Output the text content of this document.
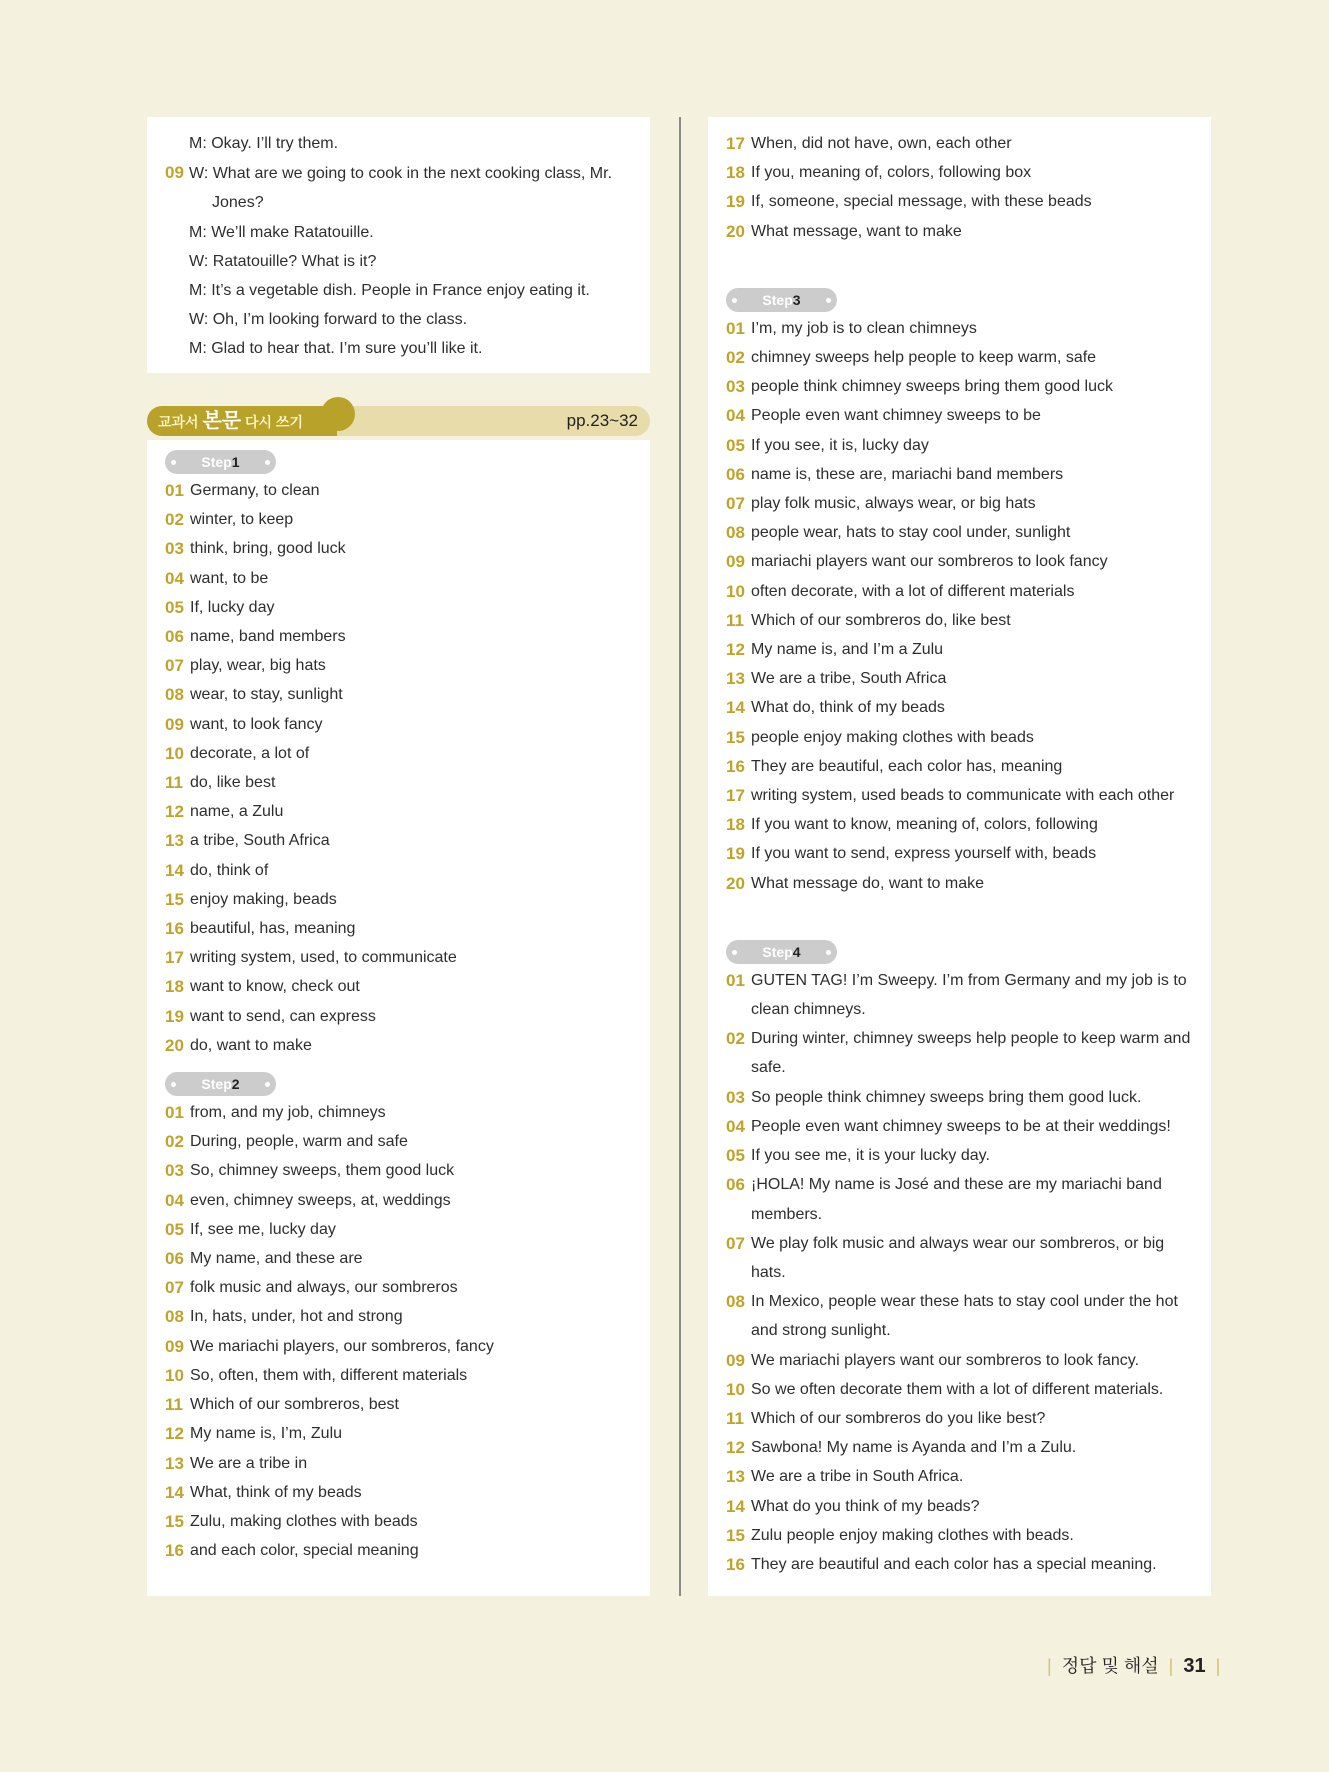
M: Okay. I’ll try them.
09 W: What are we going to cook in the next cooking class, Mr.
Jones?
M: We’ll make Ratatouille.
W: Ratatouille? What is it?
M: It’s a vegetable dish. People in France enjoy eating it.
W: Oh, I’m looking forward to the class.
M: Glad to hear that. I’m sure you’ll like it.
교과서 본문 다시 쓰기	pp.23~32
Step1
01 Germany, to clean
02 winter, to keep
03 think, bring, good luck
04 want, to be
05 If, lucky day
06 name, band members
07 play, wear, big hats
08 wear, to stay, sunlight
09 want, to look fancy
10 decorate, a lot of
11 do, like best
12 name, a Zulu
13 a tribe, South Africa
14 do, think of
15 enjoy making, beads
16 beautiful, has, meaning
17 writing system, used, to communicate
18 want to know, check out
19 want to send, can express
20 do, want to make
Step2
01 from, and my job, chimneys
02 During, people, warm and safe
03 So, chimney sweeps, them good luck
04 even, chimney sweeps, at, weddings
05 If, see me, lucky day
06 My name, and these are
07 folk music and always, our sombreros
08 In, hats, under, hot and strong
09 We mariachi players, our sombreros, fancy
10 So, often, them with, different materials
11 Which of our sombreros, best
12 My name is, I’m, Zulu
13 We are a tribe in
14 What, think of my beads
15 Zulu, making clothes with beads
16 and each color, special meaning
17 When, did not have, own, each other
18 If you, meaning of, colors, following box
19 If, someone, special message, with these beads
20 What message, want to make
Step3
01 I’m, my job is to clean chimneys
02 chimney sweeps help people to keep warm, safe
03 people think chimney sweeps bring them good luck
04 People even want chimney sweeps to be
05 If you see, it is, lucky day
06 name is, these are, mariachi band members
07 play folk music, always wear, or big hats
08 people wear, hats to stay cool under, sunlight
09 mariachi players want our sombreros to look fancy
10 often decorate, with a lot of different materials
11 Which of our sombreros do, like best
12 My name is, and I’m a Zulu
13 We are a tribe, South Africa
14 What do, think of my beads
15 people enjoy making clothes with beads
16 They are beautiful, each color has, meaning
17 writing system, used beads to communicate with each other
18 If you want to know, meaning of, colors, following
19 If you want to send, express yourself with, beads
20 What message do, want to make
Step4
01 GUTEN TAG! I’m Sweepy. I’m from Germany and my job is to
clean chimneys.
02 During winter, chimney sweeps help people to keep warm and
safe.
03 So people think chimney sweeps bring them good luck.
04 People even want chimney sweeps to be at their weddings!
05 If you see me, it is your lucky day.
06 ¡HOLA! My name is José and these are my mariachi band
members.
07 We play folk music and always wear our sombreros, or big
hats.
08 In Mexico, people wear these hats to stay cool under the hot
and strong sunlight.
09 We mariachi players want our sombreros to look fancy.
10 So we often decorate them with a lot of different materials.
11 Which of our sombreros do you like best?
12 Sawbona! My name is Ayanda and I’m a Zulu.
13 We are a tribe in South Africa.
14 What do you think of my beads?
15 Zulu people enjoy making clothes with beads.
16 They are beautiful and each color has a special meaning.
| 정답 및 해설 | 31 |
